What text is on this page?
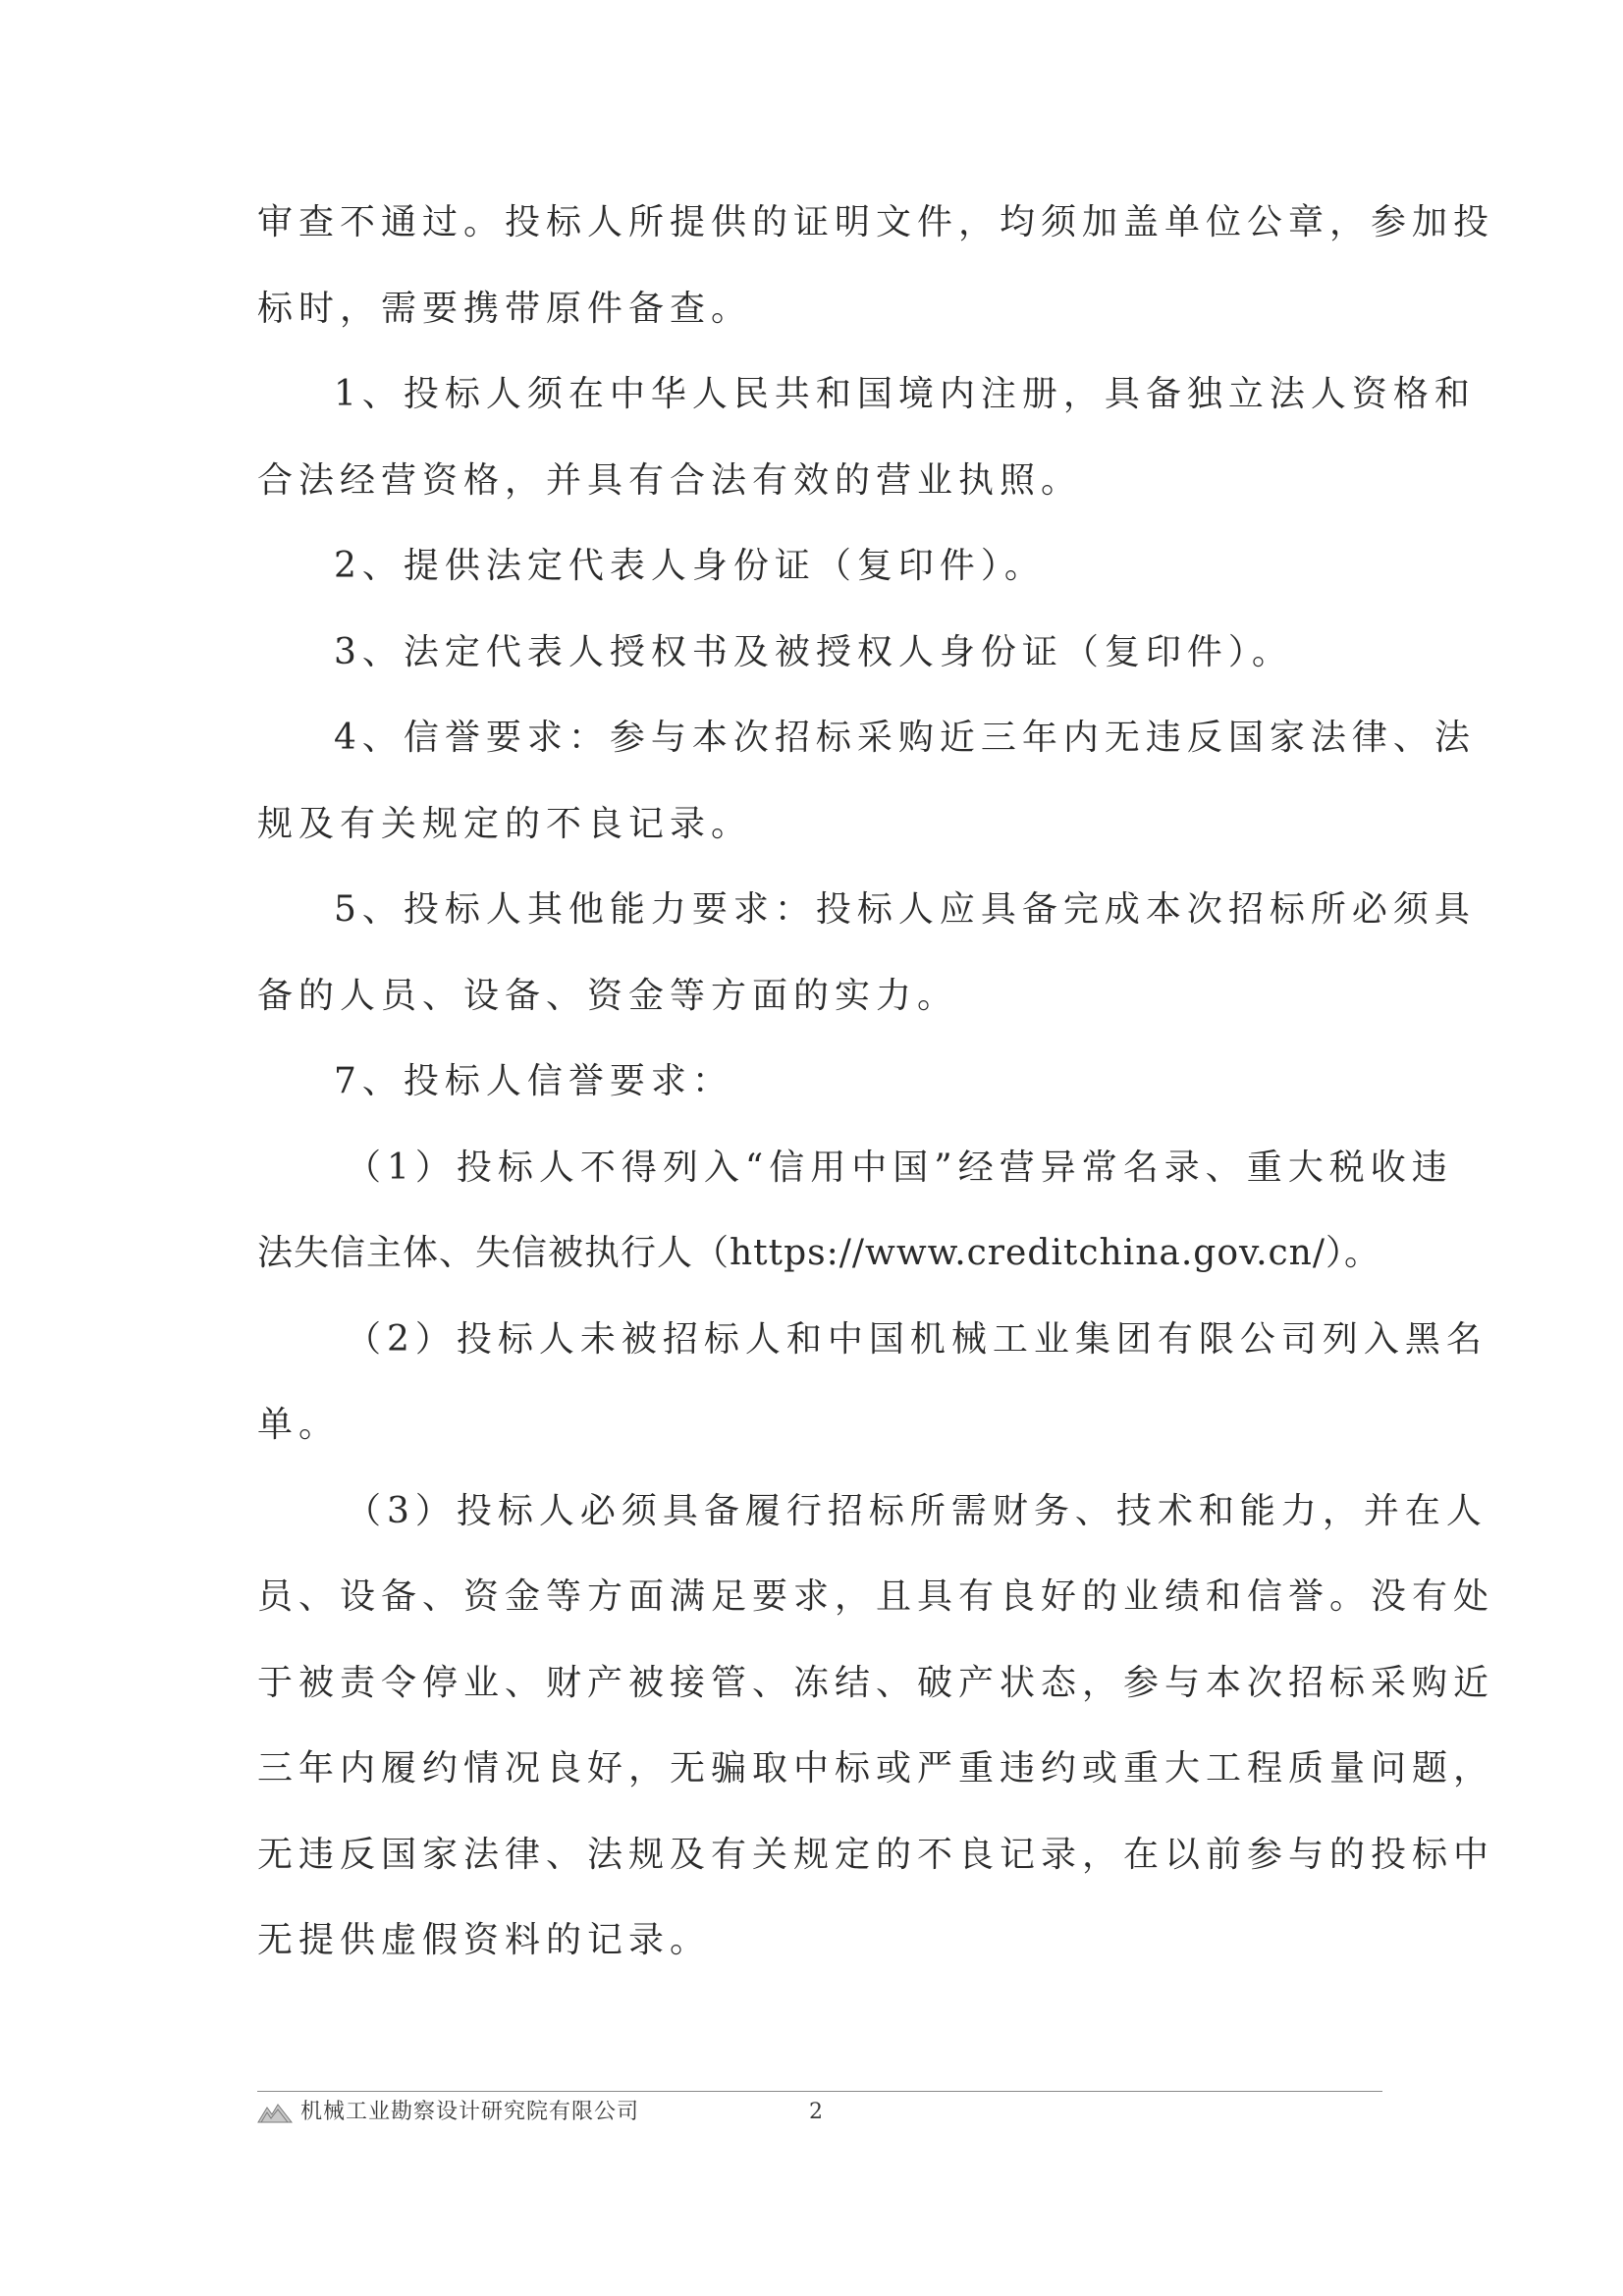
审查不通过。投标人所提供的证明文件，均须加盖单位公章，参加投
标时，需要携带原件备查。
1、投标人须在中华人民共和国境内注册，具备独立法人资格和
合法经营资格，并具有合法有效的营业执照。
2、提供法定代表人身份证（复印件）。
3、法定代表人授权书及被授权人身份证（复印件）。
4、信誉要求：参与本次招标采购近三年内无违反国家法律、法
规及有关规定的不良记录。
5、投标人其他能力要求：投标人应具备完成本次招标所必须具
备的人员、设备、资金等方面的实力。
7、投标人信誉要求：
（1）投标人不得列入“信用中国”经营异常名录、重大税收违
法失信主体、失信被执行人（https://www.creditchina.gov.cn/）。
（2）投标人未被招标人和中国机械工业集团有限公司列入黑名
单。
（3）投标人必须具备履行招标所需财务、技术和能力，并在人
员、设备、资金等方面满足要求，且具有良好的业绩和信誉。没有处
于被责令停业、财产被接管、冻结、破产状态，参与本次招标采购近
三年内履约情况良好，无骗取中标或严重违约或重大工程质量问题，
无违反国家法律、法规及有关规定的不良记录，在以前参与的投标中
无提供虚假资料的记录。
机械工业勘察设计研究院有限公司	2
